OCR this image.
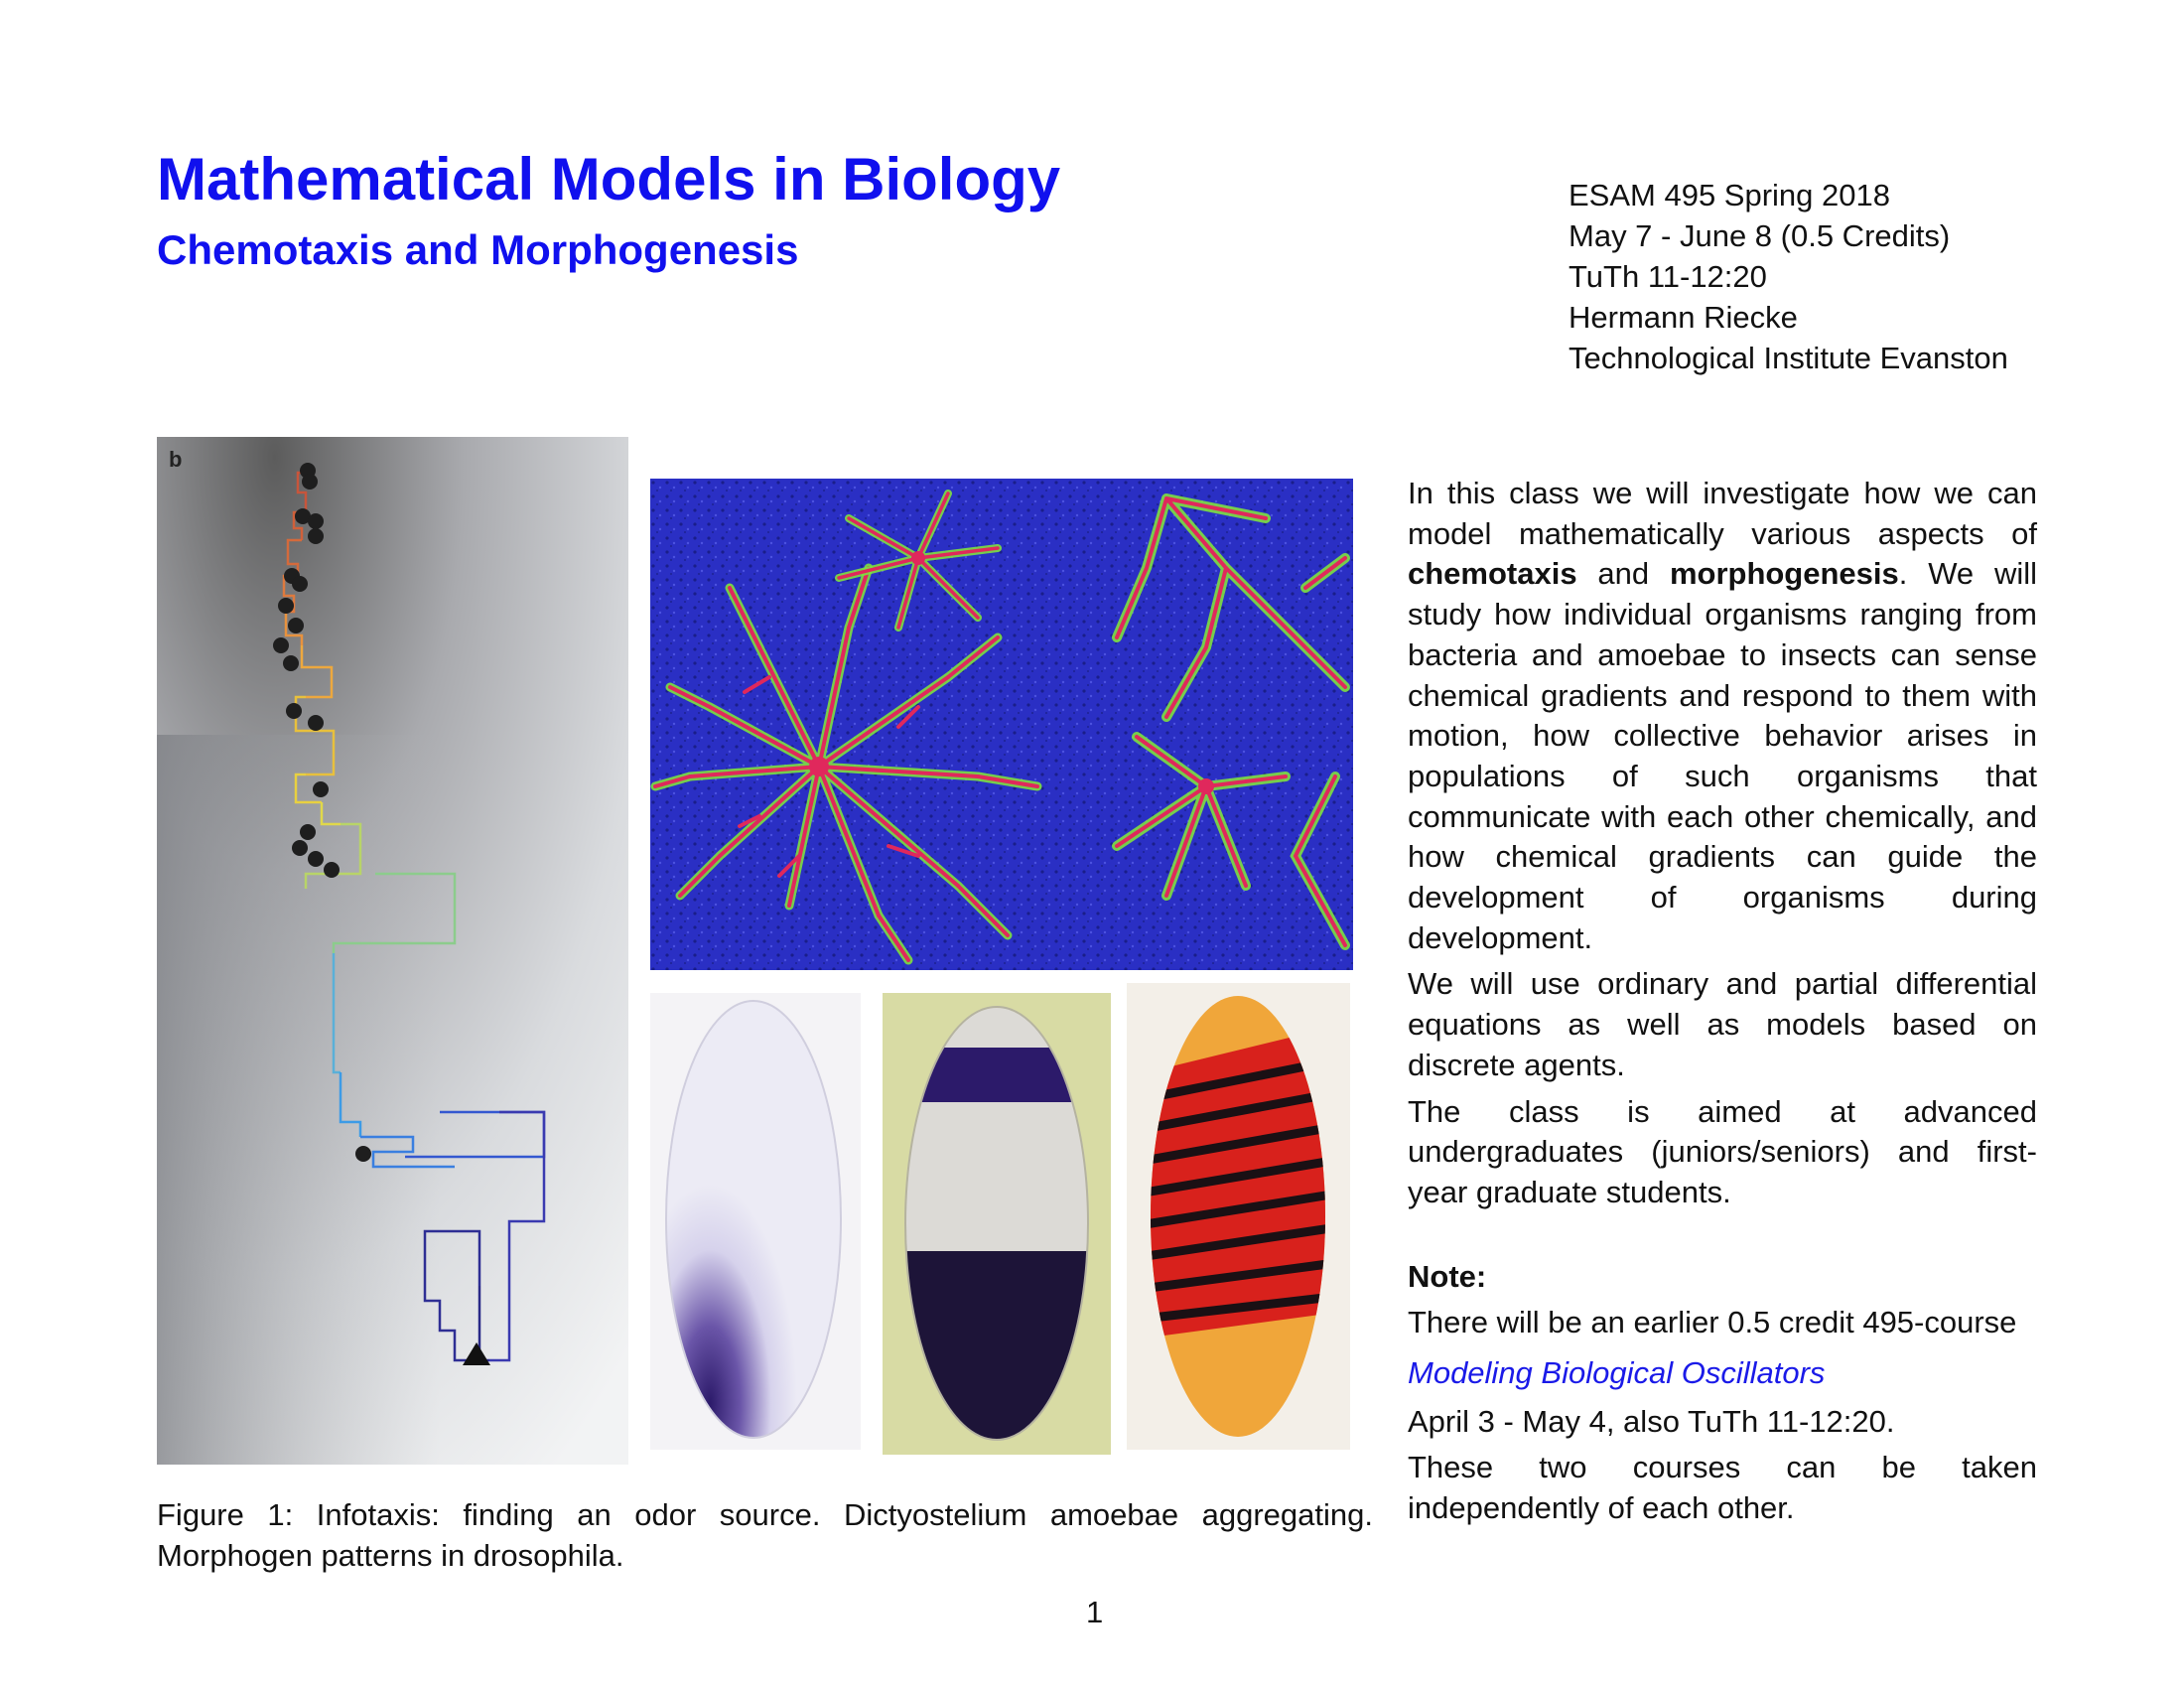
Mathematical Models in Biology
Chemotaxis and Morphogenesis
ESAM 495 Spring 2018
May 7 - June 8 (0.5 Credits)
TuTh 11-12:20
Hermann Riecke
Technological Institute Evanston
b
Figure 1: Infotaxis: finding an odor source. Dictyostelium amoebae aggregating.
Morphogen patterns in drosophila.
1

In this class we will investigate how we can model mathematically various aspects of chemotaxis and morphogenesis. We will study how individual organisms ranging from bacteria and amoebae to insects can sense chemical gradients and respond to them with motion, how collective behavior arises in populations of such organisms that communicate with each other chemically, and how chemical gradients can guide the development of organisms during development.

We will use ordinary and partial differential equations as well as models based on discrete agents.

The class is aimed at advanced undergraduates (juniors/seniors) and first-year graduate students.

Note:

There will be an earlier 0.5 credit 495-course

Modeling Biological Oscillators

April 3 - May 4, also TuTh 11-12:20.

These two courses can be taken independently of each other.
